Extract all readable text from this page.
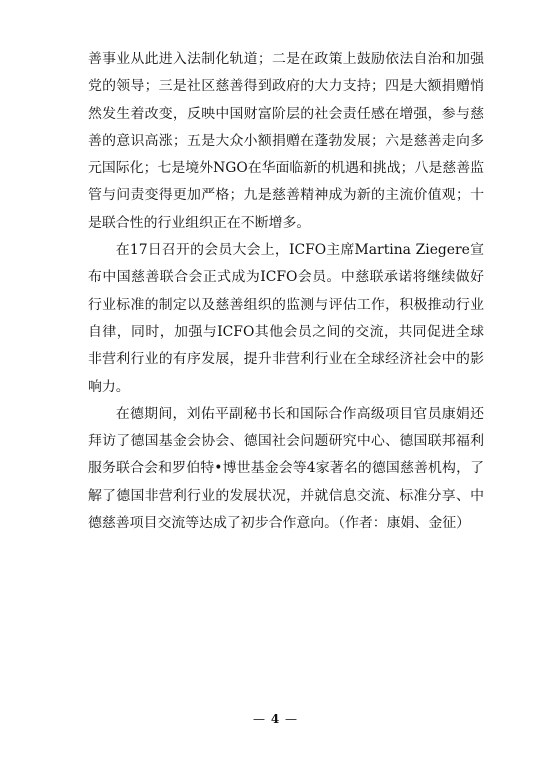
善事业从此进入法制化轨道；二是在政策上鼓励依法自治和加强党的领导；三是社区慈善得到政府的大力支持；四是大额捐赠悄然发生着改变，反映中国财富阶层的社会责任感在增强，参与慈善的意识高涨；五是大众小额捐赠在蓬勃发展；六是慈善走向多元国际化；七是境外NGO在华面临新的机遇和挑战；八是慈善监管与问责变得更加严格；九是慈善精神成为新的主流价值观；十是联合性的行业组织正在不断增多。

在17日召开的会员大会上，ICFO主席Martina Ziegere宣布中国慈善联合会正式成为ICFO会员。中慈联承诺将继续做好行业标准的制定以及慈善组织的监测与评估工作，积极推动行业自律，同时，加强与ICFO其他会员之间的交流，共同促进全球非营利行业的有序发展，提升非营利行业在全球经济社会中的影响力。

在德期间，刘佑平副秘书长和国际合作高级项目官员康娟还拜访了德国基金会协会、德国社会问题研究中心、德国联邦福利服务联合会和罗伯特•博世基金会等4家著名的德国慈善机构，了解了德国非营利行业的发展状况，并就信息交流、标准分享、中德慈善项目交流等达成了初步合作意向。（作者：康娟、金征）

— 4 —
